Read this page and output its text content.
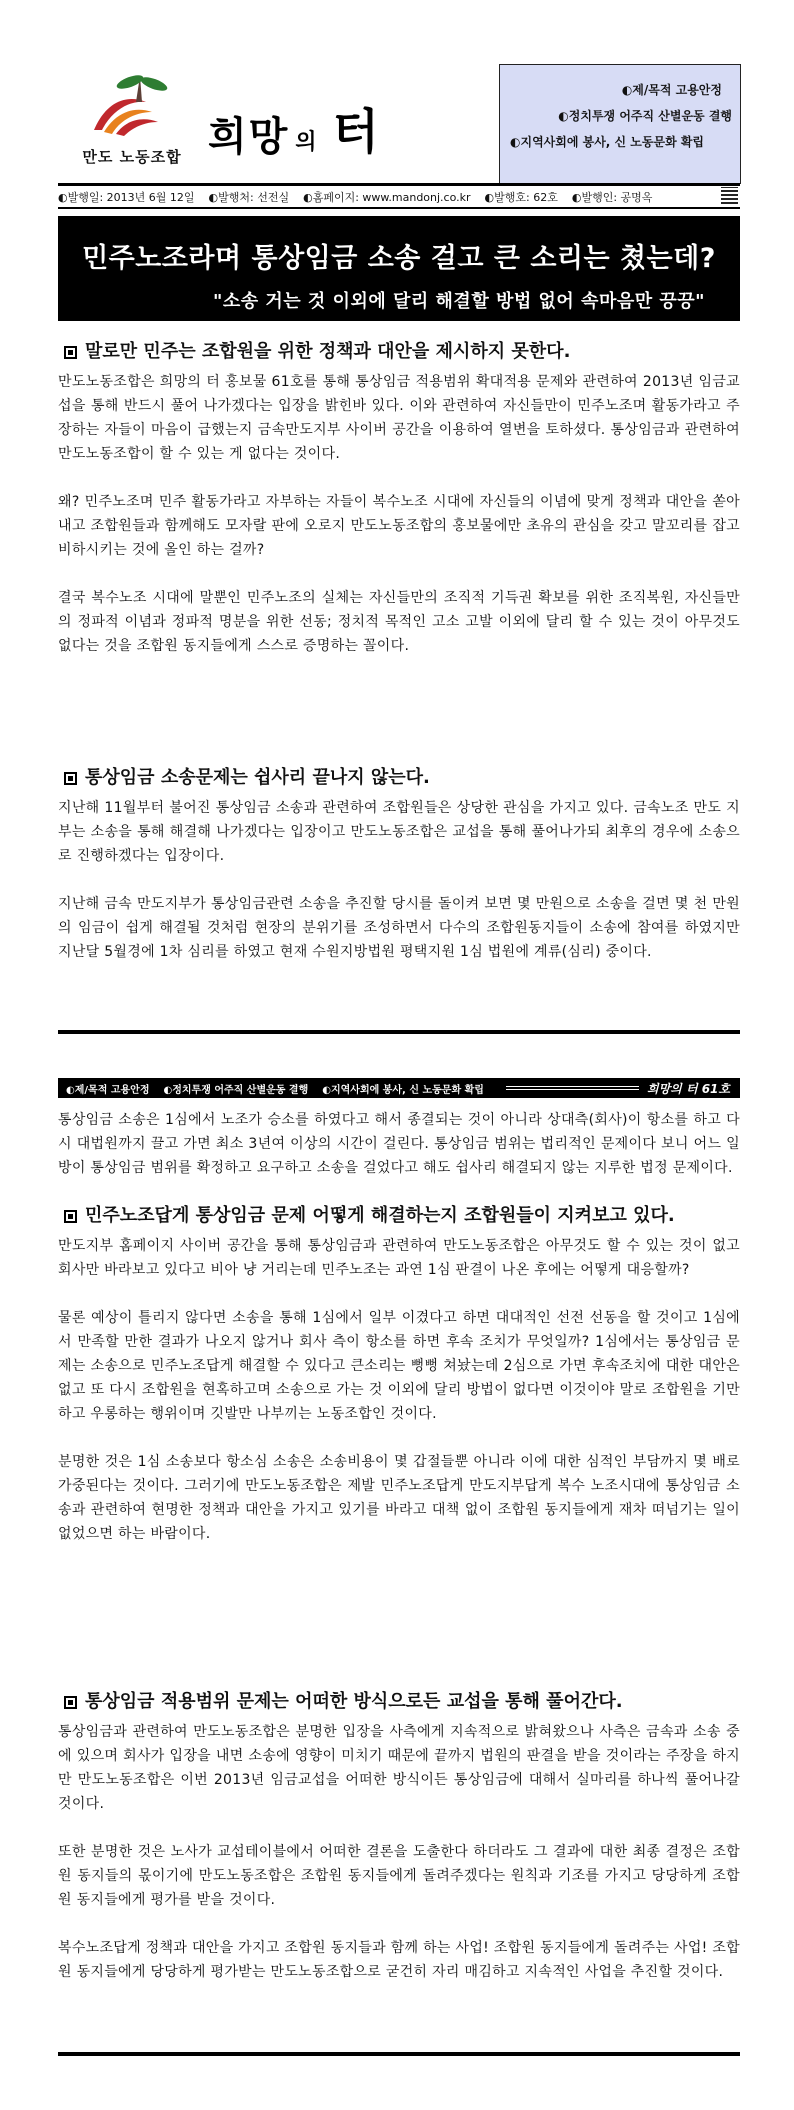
만도 노동조합 희망 의 터
◐제/목적 고용안정
◐정치투쟁 어주직 산별운동 결행
◐지역사회에 봉사, 신 노동문화 확립
◐발행일: 2013년 6월 12일 ◐발행처: 선전실 ◐홈페이지: www.mandonj.co.kr ◐발행호: 62호 ◐발행인: 공명옥
민주노조라며 통상임금 소송 걸고 큰 소리는 쳤는데?
"소송 거는 것 이외에 달리 해결할 방법 없어 속마음만 끙끙"
말로만 민주는 조합원을 위한 정책과 대안을 제시하지 못한다.

만도노동조합은 희망의 터 홍보물 61호를 통해 통상임금 적용범위 확대적용 문제와 관련하여 2013년 임금교섭을 통해 반드시 풀어 나가겠다는 입장을 밝힌바 있다. 이와 관련하여 자신들만이 민주노조며 활동가라고 주장하는 자들이 마음이 급했는지 금속만도지부 사이버 공간을 이용하여 열변을 토하셨다. 통상임금과 관련하여 만도노동조합이 할 수 있는 게 없다는 것이다.

왜? 민주노조며 민주 활동가라고 자부하는 자들이 복수노조 시대에 자신들의 이념에 맞게 정책과 대안을 쏟아내고 조합원들과 함께해도 모자랄 판에 오로지 만도노동조합의 홍보물에만 초유의 관심을 갖고 말꼬리를 잡고 비하시키는 것에 올인 하는 걸까?

결국 복수노조 시대에 말뿐인 민주노조의 실체는 자신들만의 조직적 기득권 확보를 위한 조직복원, 자신들만의 정파적 이념과 정파적 명분을 위한 선동; 정치적 목적인 고소 고발 이외에 달리 할 수 있는 것이 아무것도 없다는 것을 조합원 동지들에게 스스로 증명하는 꼴이다.

통상임금 소송문제는 쉽사리 끝나지 않는다.

지난해 11월부터 불어진 통상임금 소송과 관련하여 조합원들은 상당한 관심을 가지고 있다. 금속노조 만도 지부는 소송을 통해 해결해 나가겠다는 입장이고 만도노동조합은 교섭을 통해 풀어나가되 최후의 경우에 소송으로 진행하겠다는 입장이다.

지난해 금속 만도지부가 통상임금관련 소송을 추진할 당시를 돌이켜 보면 몇 만원으로 소송을 걸면 몇 천 만원의 임금이 쉽게 해결될 것처럼 현장의 분위기를 조성하면서 다수의 조합원동지들이 소송에 참여를 하였지만 지난달 5월경에 1차 심리를 하였고 현재 수원지방법원 평택지원 1심 법원에 계류(심리) 중이다.

◐제/목적 고용안정 ◐정치투쟁 어주직 산별운동 결행 ◐지역사회에 봉사, 신 노동문화 확립	희망의 터 61호

통상임금 소송은 1심에서 노조가 승소를 하였다고 해서 종결되는 것이 아니라 상대측(회사)이 항소를 하고 다시 대법원까지 끌고 가면 최소 3년여 이상의 시간이 걸린다. 통상임금 범위는 법리적인 문제이다 보니 어느 일방이 통상임금 범위를 확정하고 요구하고 소송을 걸었다고 해도 쉽사리 해결되지 않는 지루한 법정 문제이다.

민주노조답게 통상임금 문제 어떻게 해결하는지 조합원들이 지켜보고 있다.

만도지부 홈페이지 사이버 공간을 통해 통상임금과 관련하여 만도노동조합은 아무것도 할 수 있는 것이 없고 회사만 바라보고 있다고 비아 냥 거리는데 민주노조는 과연 1심 판결이 나온 후에는 어떻게 대응할까?

물론 예상이 틀리지 않다면 소송을 통해 1심에서 일부 이겼다고 하면 대대적인 선전 선동을 할 것이고 1심에서 만족할 만한 결과가 나오지 않거나 회사 측이 항소를 하면 후속 조치가 무엇일까? 1심에서는 통상임금 문제는 소송으로 민주노조답게 해결할 수 있다고 큰소리는 뻥뻥 쳐놨는데 2심으로 가면 후속조치에 대한 대안은 없고 또 다시 조합원을 현혹하고며 소송으로 가는 것 이외에 달리 방법이 없다면 이것이야 말로 조합원을 기만하고 우롱하는 행위이며 깃발만 나부끼는 노동조합인 것이다.

분명한 것은 1심 소송보다 항소심 소송은 소송비용이 몇 갑절들뿐 아니라 이에 대한 심적인 부담까지 몇 배로 가중된다는 것이다. 그러기에 만도노동조합은 제발 민주노조답게 만도지부답게 복수 노조시대에 통상임금 소송과 관련하여 현명한 정책과 대안을 가지고 있기를 바라고 대책 없이 조합원 동지들에게 재차 떠넘기는 일이 없었으면 하는 바람이다.

통상임금 적용범위 문제는 어떠한 방식으로든 교섭을 통해 풀어간다.

통상임금과 관련하여 만도노동조합은 분명한 입장을 사측에게 지속적으로 밝혀왔으나 사측은 금속과 소송 중에 있으며 회사가 입장을 내면 소송에 영향이 미치기 때문에 끝까지 법원의 판결을 받을 것이라는 주장을 하지만 만도노동조합은 이번 2013년 임금교섭을 어떠한 방식이든 통상임금에 대해서 실마리를 하나씩 풀어나갈 것이다.

또한 분명한 것은 노사가 교섭테이블에서 어떠한 결론을 도출한다 하더라도 그 결과에 대한 최종 결정은 조합원 동지들의 몫이기에 만도노동조합은 조합원 동지들에게 돌려주겠다는 원칙과 기조를 가지고 당당하게 조합원 동지들에게 평가를 받을 것이다.

복수노조답게 정책과 대안을 가지고 조합원 동지들과 함께 하는 사업! 조합원 동지들에게 돌려주는 사업! 조합원 동지들에게 당당하게 평가받는 만도노동조합으로 굳건히 자리 매김하고 지속적인 사업을 추진할 것이다.
